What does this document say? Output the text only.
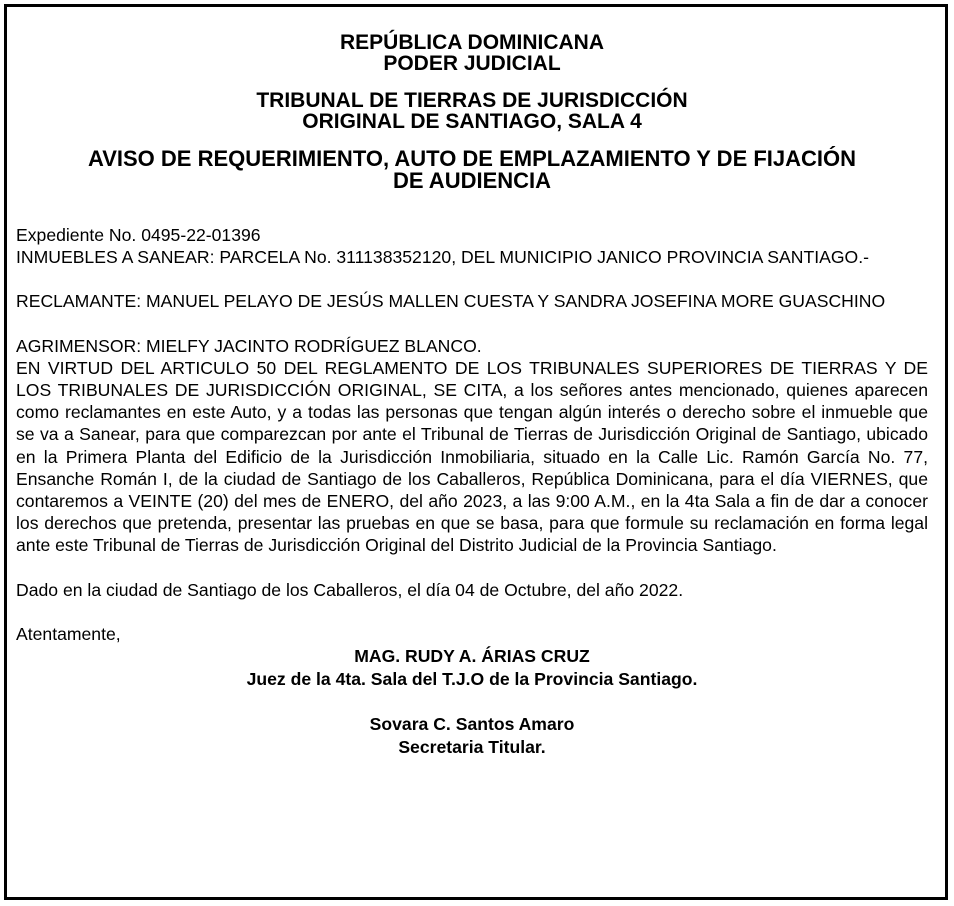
REPÚBLICA DOMINICANA

PODER JUDICIAL

TRIBUNAL DE TIERRAS DE JURISDICCIÓN

ORIGINAL DE SANTIAGO, SALA 4

AVISO DE REQUERIMIENTO, AUTO DE EMPLAZAMIENTO Y DE FIJACIÓN

DE AUDIENCIA

Expediente No. 0495-22-01396

INMUEBLES A SANEAR: PARCELA No. 311138352120, DEL MUNICIPIO JANICO PROVINCIA SANTIAGO.-

RECLAMANTE: MANUEL PELAYO DE JESÚS MALLEN CUESTA Y SANDRA JOSEFINA MORE GUASCHINO

AGRIMENSOR: MIELFY JACINTO RODRÍGUEZ BLANCO.

EN VIRTUD DEL ARTICULO 50 DEL REGLAMENTO DE LOS TRIBUNALES SUPERIORES DE TIERRAS Y DE LOS TRIBUNALES DE JURISDICCIÓN ORIGINAL, SE CITA, a los señores antes mencionado, quienes aparecen como reclamantes en este Auto, y a todas las personas que tengan algún interés o derecho sobre el inmueble que se va a Sanear, para que comparezcan por ante el Tribunal de Tierras de Jurisdicción Original de Santiago, ubicado en la Primera Planta del Edificio de la Jurisdicción Inmobiliaria, situado en la Calle Lic. Ramón García No. 77, Ensanche Román I, de la ciudad de Santiago de los Caballeros, República Dominicana, para el día VIERNES, que contaremos a VEINTE (20) del mes de ENERO, del año 2023, a las 9:00 A.M., en la 4ta Sala a fin de dar a conocer los derechos que pretenda, presentar las pruebas en que se basa, para que formule su reclamación en forma legal ante este Tribunal de Tierras de Jurisdicción Original del Distrito Judicial de la Provincia Santiago.

Dado en la ciudad de Santiago de los Caballeros, el día 04 de Octubre, del año 2022.

Atentamente,

MAG. RUDY A. ÁRIAS CRUZ

Juez de la 4ta. Sala del T.J.O de la Provincia Santiago.

Sovara C. Santos Amaro

Secretaria Titular.
